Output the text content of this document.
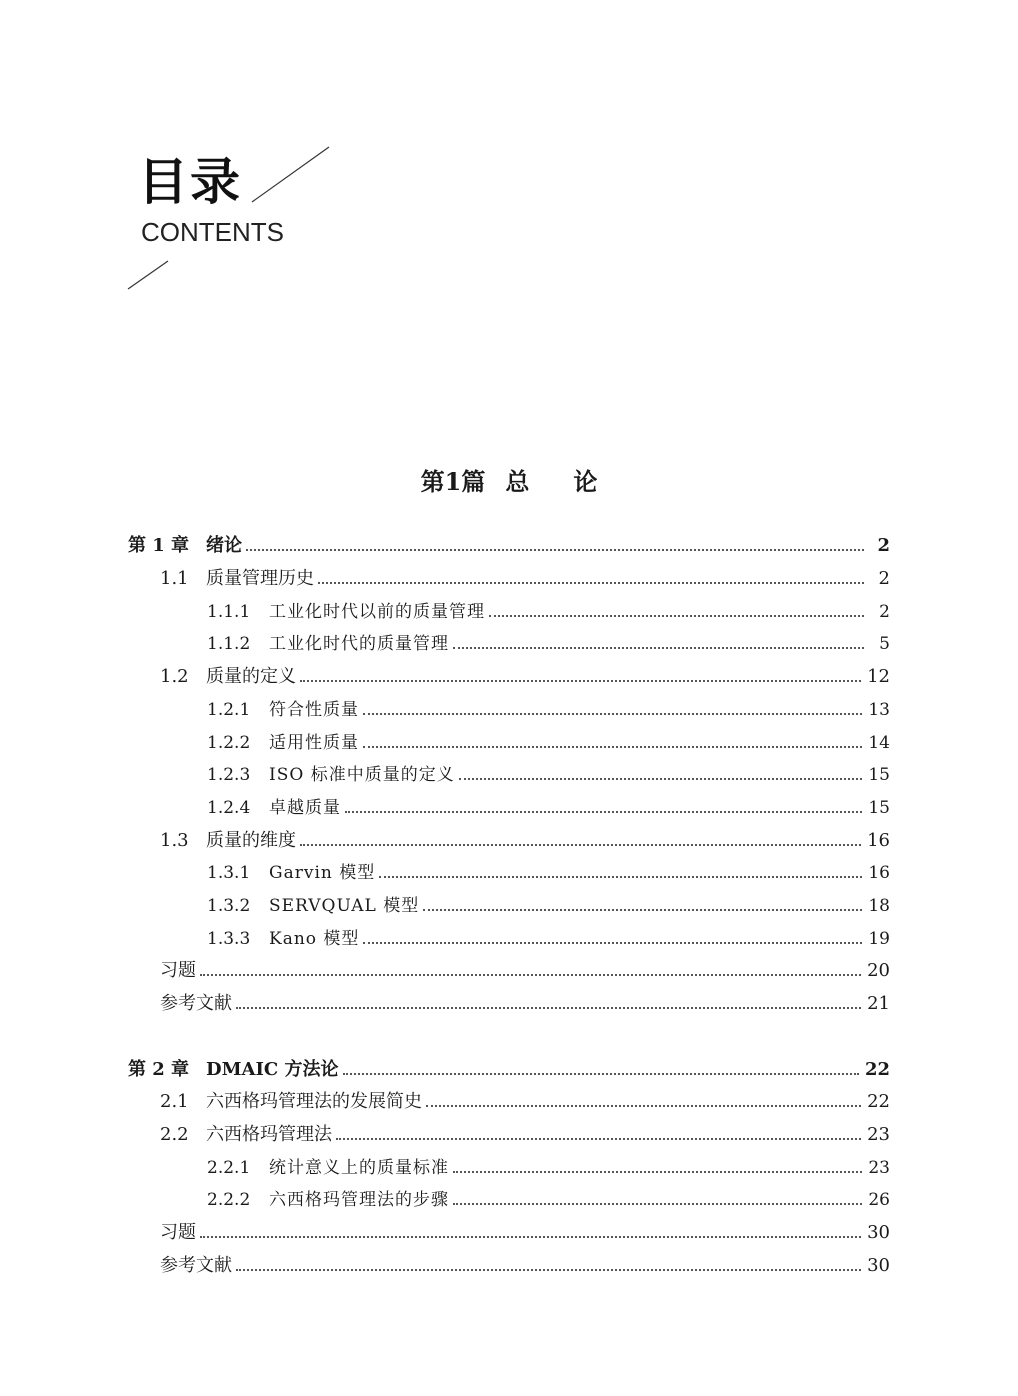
目录
CONTENTS
第1篇 总 论
第 1 章 绪论	2
1.1 质量管理历史	2
1.1.1	工业化时代以前的质量管理	2
1.1.2	工业化时代的质量管理	5
1.2 质量的定义	12
1.2.1	符合性质量	13
1.2.2	适用性质量	14
1.2.3	ISO 标准中质量的定义	15
1.2.4	卓越质量	15
1.3 质量的维度	16
1.3.1	Garvin 模型	16
1.3.2	SERVQUAL 模型	18
1.3.3	Kano 模型	19
习题	20
参考文献	21
第 2 章 DMAIC 方法论	22
2.1 六西格玛管理法的发展简史	22
2.2 六西格玛管理法	23
2.2.1	统计意义上的质量标准	23
2.2.2	六西格玛管理法的步骤	26
习题	30
参考文献	30
